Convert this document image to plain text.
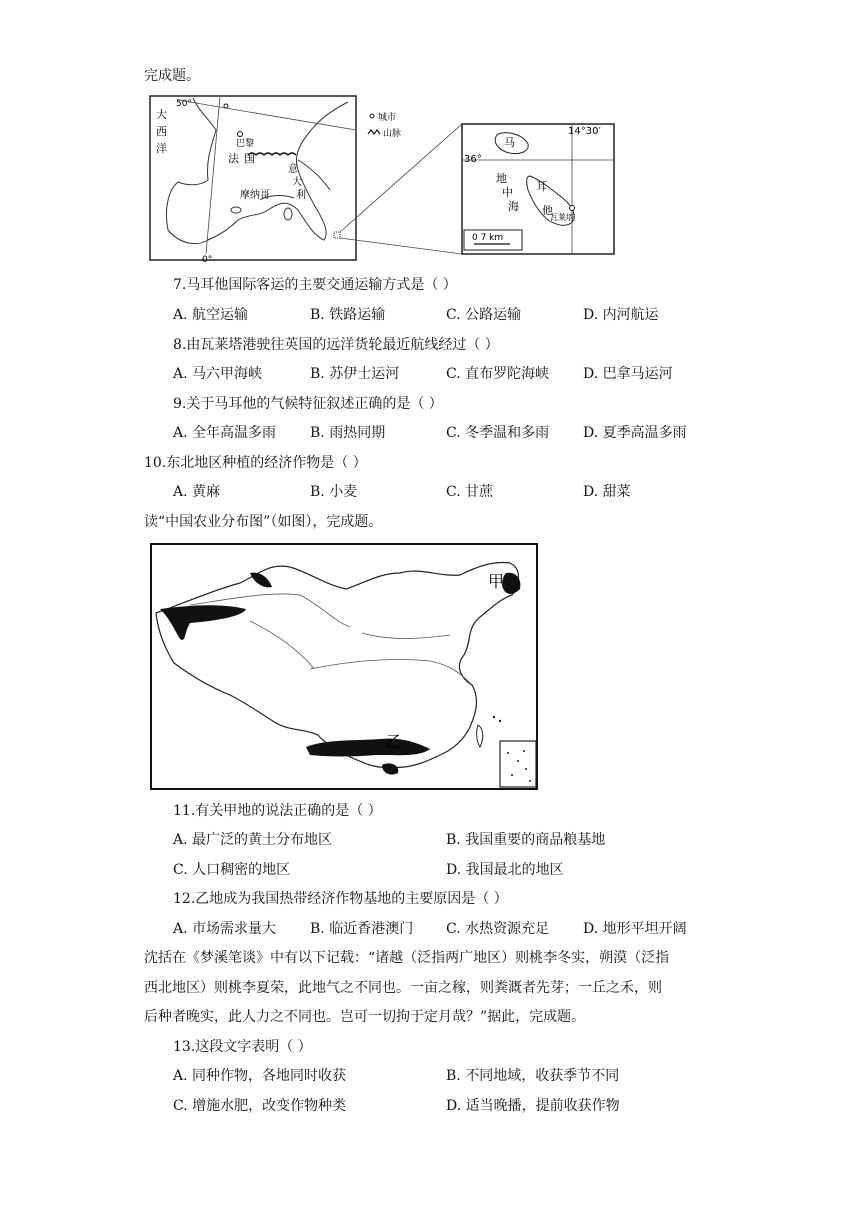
完成题。
50°
0°
大
西
洋	巴黎
法 国
摩纳哥
意
大
利
城市
山脉	14°30′
36°
马
耳
他
地
中
海
瓦莱塔
0 7 km
7.马耳他国际客运的主要交通运输方式是（ ）
A. 航空运输	B. 铁路运输	C. 公路运输	D. 内河航运
8.由瓦莱塔港驶往英国的远洋货轮最近航线经过（ ）
A. 马六甲海峡	B. 苏伊士运河	C. 直布罗陀海峡 D. 巴拿马运河
9.关于马耳他的气候特征叙述正确的是（ ）
A. 全年高温多雨 B. 雨热同期	C. 冬季温和多雨 D. 夏季高温多雨
10.东北地区种植的经济作物是（ ）
A. 黄麻	B. 小麦	C. 甘蔗	D. 甜菜
读“中国农业分布图”（如图），完成题。
甲
乙
11.有关甲地的说法正确的是（ ）
A. 最广泛的黄土分布地区	B. 我国重要的商品粮基地
C. 人口稠密的地区	D. 我国最北的地区
12.乙地成为我国热带经济作物基地的主要原因是（ ）
A. 市场需求量大 B. 临近香港澳门 C. 水热资源充足 D. 地形平坦开阔
沈括在《梦溪笔谈》中有以下记载：“诸越（泛指两广地区）则桃李冬实，朔漠（泛指
西北地区）则桃李夏荣，此地气之不同也。一亩之稼，则粪溉者先芽；一丘之禾，则
后种者晚实，此人力之不同也。岂可一切拘于定月哉？”据此，完成题。
13.这段文字表明（ ）
A. 同种作物，各地同时收获	B. 不同地域，收获季节不同
C. 增施水肥，改变作物种类	D. 适当晚播，提前收获作物
